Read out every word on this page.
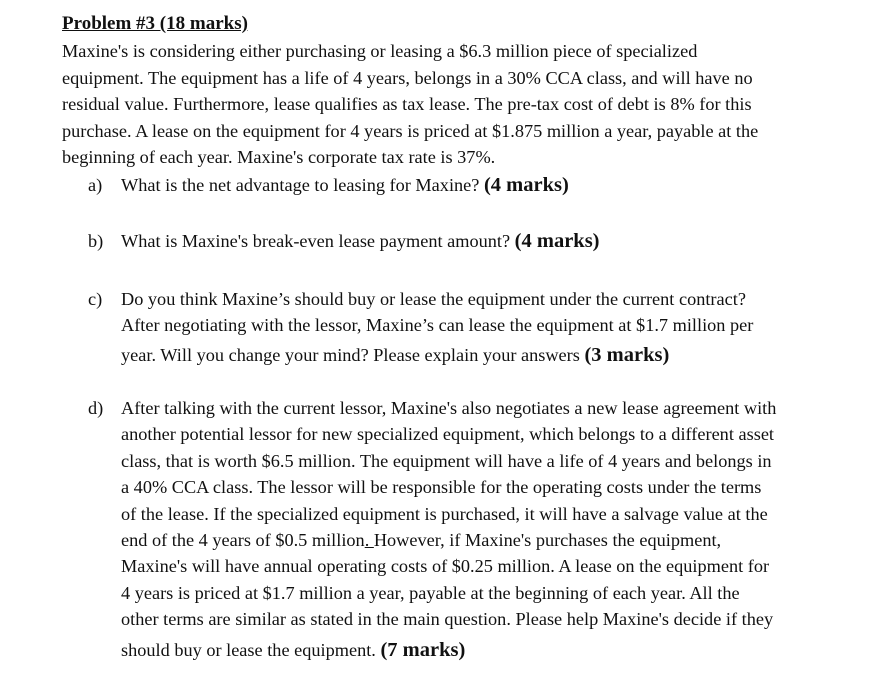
Problem #3 (18 marks)
Maxine's is considering either purchasing or leasing a $6.3 million piece of specialized
equipment. The equipment has a life of 4 years, belongs in a 30% CCA class, and will have no
residual value. Furthermore, lease qualifies as tax lease. The pre-tax cost of debt is 8% for this
purchase. A lease on the equipment for 4 years is priced at $1.875 million a year, payable at the
beginning of each year. Maxine's corporate tax rate is 37%.
a) What is the net advantage to leasing for Maxine? (4 marks)
b) What is Maxine's break-even lease payment amount? (4 marks)
c) Do you think Maxine’s should buy or lease the equipment under the current contract?
After negotiating with the lessor, Maxine’s can lease the equipment at $1.7 million per
year. Will you change your mind? Please explain your answers (3 marks)
d) After talking with the current lessor, Maxine's also negotiates a new lease agreement with
another potential lessor for new specialized equipment, which belongs to a different asset
class, that is worth $6.5 million. The equipment will have a life of 4 years and belongs in
a 40% CCA class. The lessor will be responsible for the operating costs under the terms
of the lease. If the specialized equipment is purchased, it will have a salvage value at the
end of the 4 years of $0.5 million. However, if Maxine's purchases the equipment,
Maxine's will have annual operating costs of $0.25 million. A lease on the equipment for
4 years is priced at $1.7 million a year, payable at the beginning of each year. All the
other terms are similar as stated in the main question. Please help Maxine's decide if they
should buy or lease the equipment. (7 marks)
